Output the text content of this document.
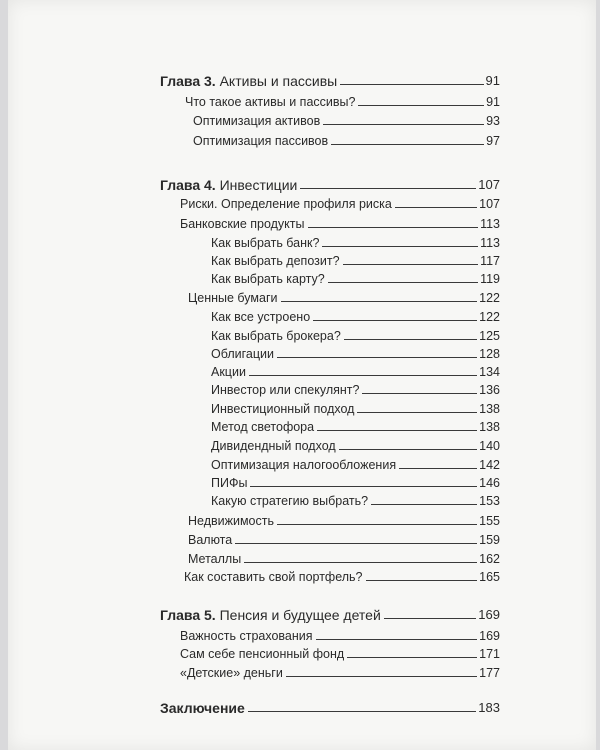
Глава 3. Активы и пассивы	91
Что такое активы и пассивы?	91
Оптимизация активов	93
Оптимизация пассивов	97
Глава 4. Инвестиции	107
Риски. Определение профиля риска	107
Банковские продукты	113
Как выбрать банк?	113
Как выбрать депозит?	117
Как выбрать карту?	119
Ценные бумаги	122
Как все устроено	122
Как выбрать брокера?	125
Облигации	128
Акции	134
Инвестор или спекулянт?	136
Инвестиционный подход	138
Метод светофора	138
Дивидендный подход	140
Оптимизация налогообложения	142
ПИФы	146
Какую стратегию выбрать?	153
Недвижимость	155
Валюта	159
Металлы	162
Как составить свой портфель?	165
Глава 5. Пенсия и будущее детей	169
Важность страхования	169
Сам себе пенсионный фонд	171
«Детские» деньги	177
Заключение	183
